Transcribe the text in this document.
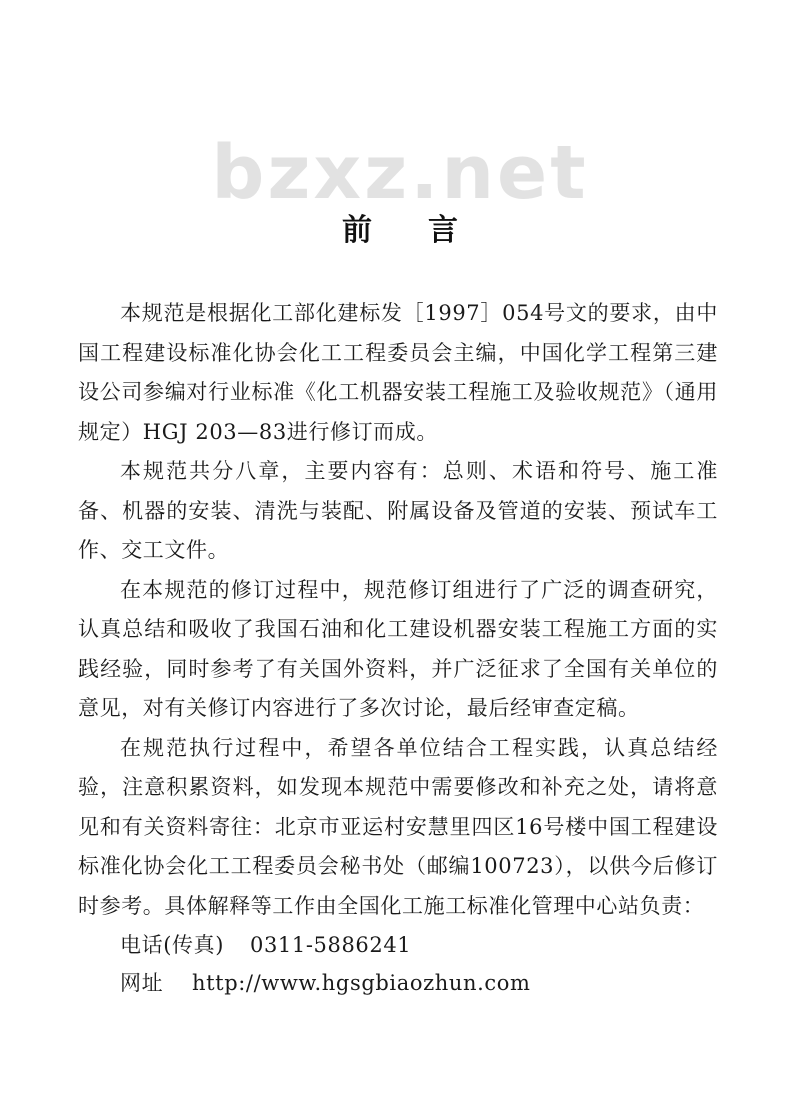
bzxz.net
前言

本规范是根据化工部化建标发［1997］054号文的要求，由中国工程建设标准化协会化工工程委员会主编，中国化学工程第三建设公司参编对行业标准《化工机器安装工程施工及验收规范》（通用规定）HGJ 203—83进行修订而成。

本规范共分八章，主要内容有：总则、术语和符号、施工准备、机器的安装、清洗与装配、附属设备及管道的安装、预试车工作、交工文件。

在本规范的修订过程中，规范修订组进行了广泛的调查研究，认真总结和吸收了我国石油和化工建设机器安装工程施工方面的实践经验，同时参考了有关国外资料，并广泛征求了全国有关单位的意见，对有关修订内容进行了多次讨论，最后经审查定稿。

在规范执行过程中，希望各单位结合工程实践，认真总结经验，注意积累资料，如发现本规范中需要修改和补充之处，请将意见和有关资料寄往：北京市亚运村安慧里四区16号楼中国工程建设标准化协会化工工程委员会秘书处（邮编100723），以供今后修订时参考。具体解释等工作由全国化工施工标准化管理中心站负责：

电话(传真) 0311-5886241

网址 http://www.hgsgbiaozhun.com
